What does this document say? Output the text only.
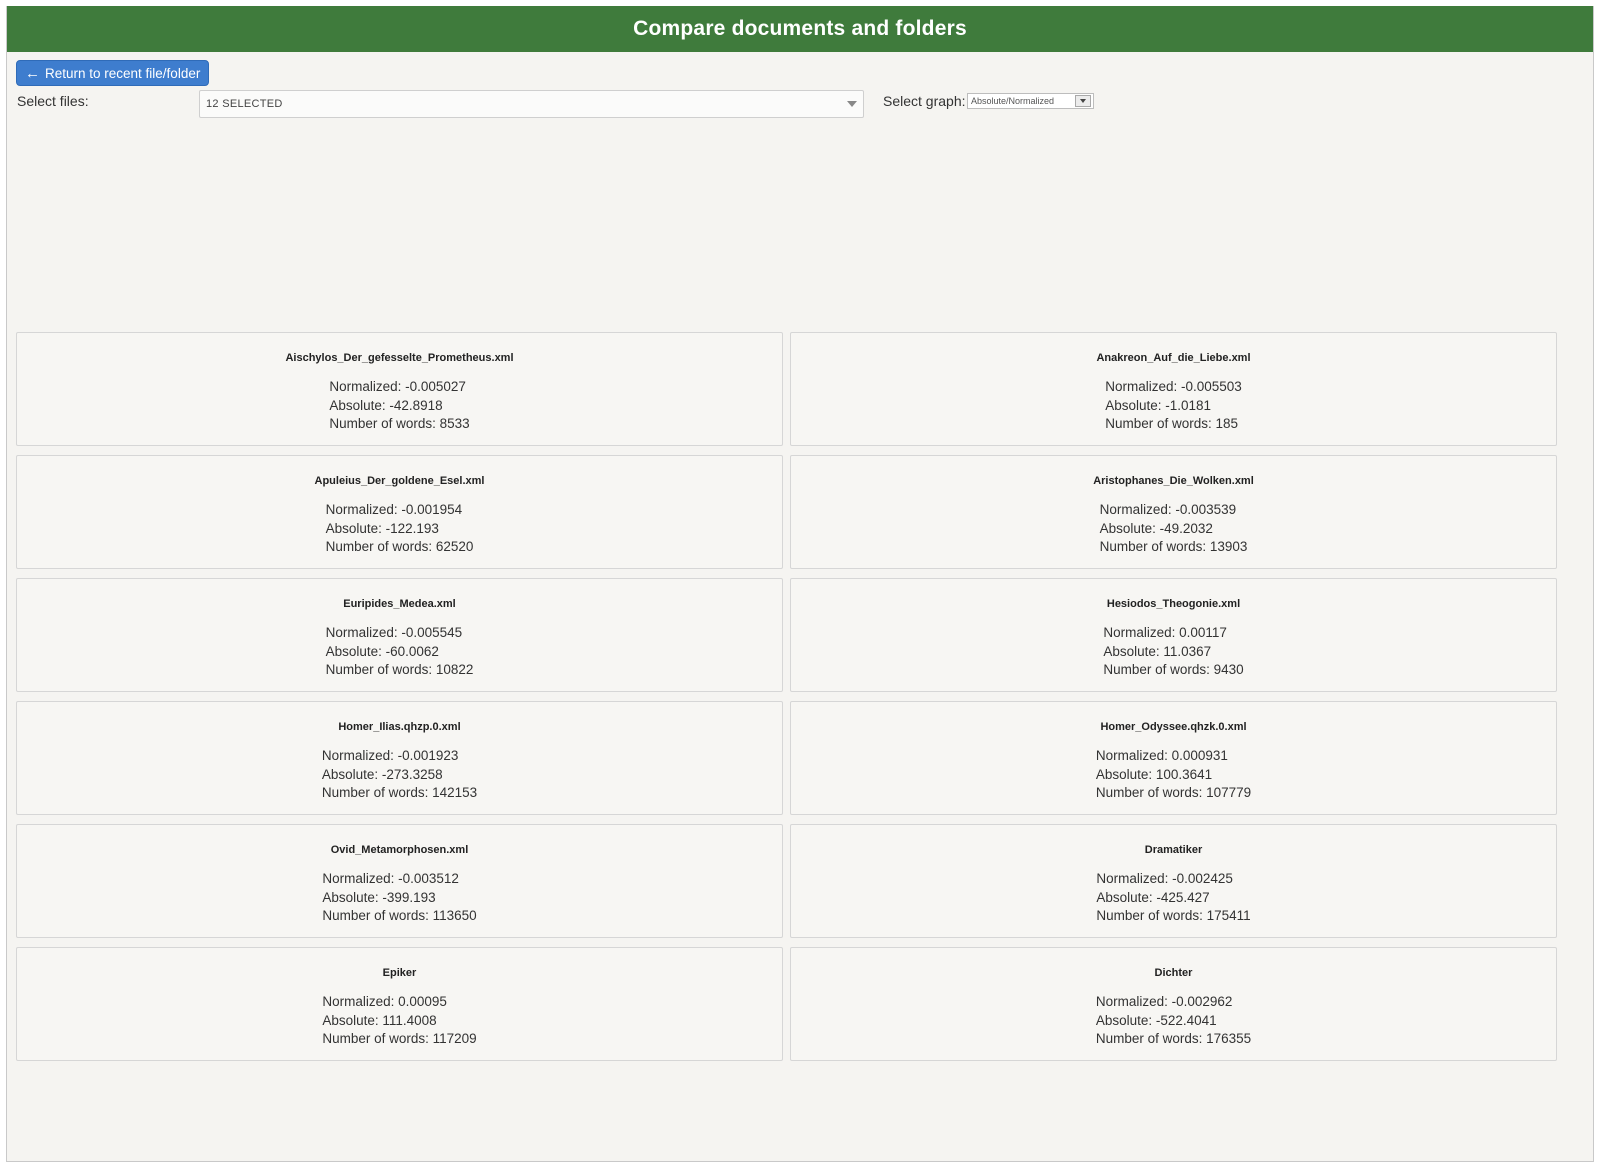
Compare documents and folders
← Return to recent file/folder
Select files:	12 SELECTED	Select graph: Absolute/Normalized
Aischylos_Der_gefesselte_Prometheus.xml
Normalized: -0.005027
Absolute: -42.8918
Number of words: 8533
Anakreon_Auf_die_Liebe.xml
Normalized: -0.005503
Absolute: -1.0181
Number of words: 185
Apuleius_Der_goldene_Esel.xml
Normalized: -0.001954
Absolute: -122.193
Number of words: 62520
Aristophanes_Die_Wolken.xml
Normalized: -0.003539
Absolute: -49.2032
Number of words: 13903
Euripides_Medea.xml
Normalized: -0.005545
Absolute: -60.0062
Number of words: 10822
Hesiodos_Theogonie.xml
Normalized: 0.00117
Absolute: 11.0367
Number of words: 9430
Homer_Ilias.qhzp.0.xml
Normalized: -0.001923
Absolute: -273.3258
Number of words: 142153
Homer_Odyssee.qhzk.0.xml
Normalized: 0.000931
Absolute: 100.3641
Number of words: 107779
Ovid_Metamorphosen.xml
Normalized: -0.003512
Absolute: -399.193
Number of words: 113650
Dramatiker
Normalized: -0.002425
Absolute: -425.427
Number of words: 175411
Epiker
Normalized: 0.00095
Absolute: 111.4008
Number of words: 117209
Dichter
Normalized: -0.002962
Absolute: -522.4041
Number of words: 176355
